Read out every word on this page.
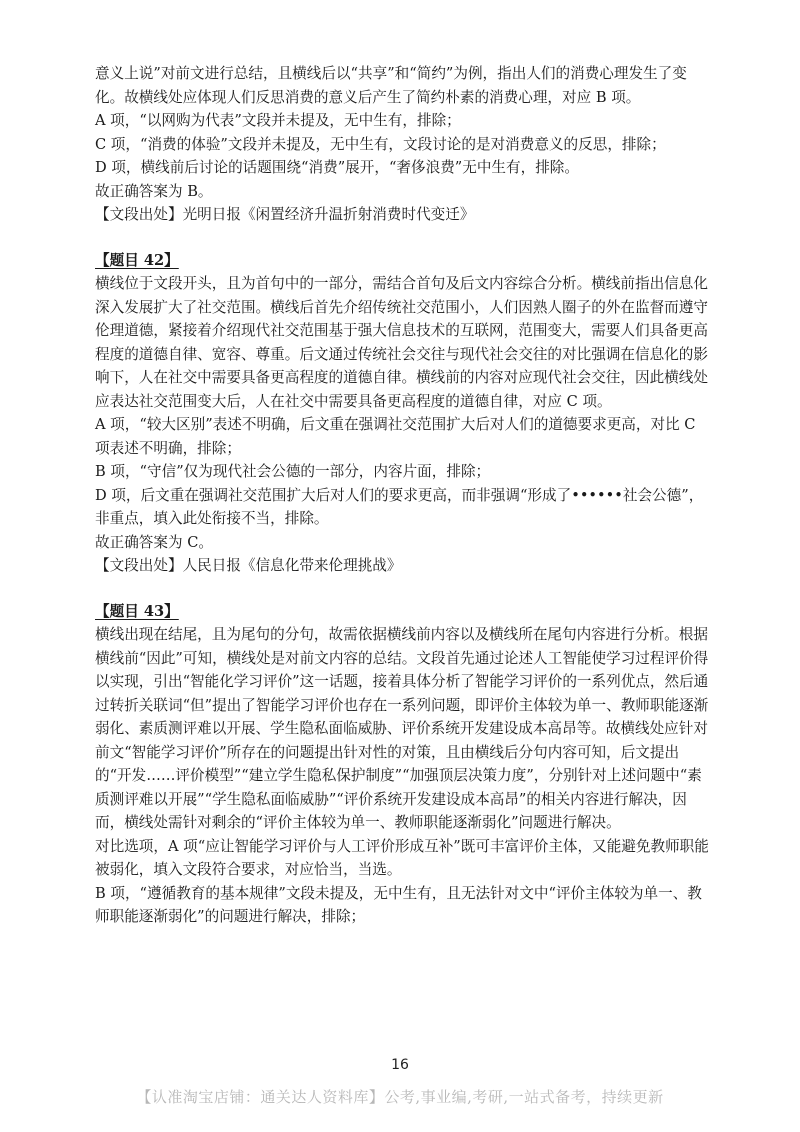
意义上说”对前文进行总结，且横线后以“共享”和“简约”为例，指出人们的消费心理发生了变化。故横线处应体现人们反思消费的意义后产生了简约朴素的消费心理，对应 B 项。

A 项，“以网购为代表”文段并未提及，无中生有，排除；

C 项，“消费的体验”文段并未提及，无中生有，文段讨论的是对消费意义的反思，排除；

D 项，横线前后讨论的话题围绕“消费”展开，“奢侈浪费”无中生有，排除。

故正确答案为 B。

【文段出处】光明日报《闲置经济升温折射消费时代变迁》

【题目 42】

横线位于文段开头，且为首句中的一部分，需结合首句及后文内容综合分析。横线前指出信息化深入发展扩大了社交范围。横线后首先介绍传统社交范围小，人们因熟人圈子的外在监督而遵守伦理道德，紧接着介绍现代社交范围基于强大信息技术的互联网，范围变大，需要人们具备更高程度的道德自律、宽容、尊重。后文通过传统社会交往与现代社会交往的对比强调在信息化的影响下，人在社交中需要具备更高程度的道德自律。横线前的内容对应现代社会交往，因此横线处应表达社交范围变大后，人在社交中需要具备更高程度的道德自律，对应 C 项。

A 项，“较大区别”表述不明确，后文重在强调社交范围扩大后对人们的道德要求更高，对比 C 项表述不明确，排除；

B 项，“守信”仅为现代社会公德的一部分，内容片面，排除；

D 项，后文重在强调社交范围扩大后对人们的要求更高，而非强调“形成了••••••社会公德”，非重点，填入此处衔接不当，排除。

故正确答案为 C。

【文段出处】人民日报《信息化带来伦理挑战》

【题目 43】

横线出现在结尾，且为尾句的分句，故需依据横线前内容以及横线所在尾句内容进行分析。根据横线前“因此”可知，横线处是对前文内容的总结。文段首先通过论述人工智能使学习过程评价得以实现，引出“智能化学习评价”这一话题，接着具体分析了智能学习评价的一系列优点，然后通过转折关联词“但”提出了智能学习评价也存在一系列问题，即评价主体较为单一、教师职能逐渐弱化、素质测评难以开展、学生隐私面临威胁、评价系统开发建设成本高昂等。故横线处应针对前文“智能学习评价”所存在的问题提出针对性的对策，且由横线后分句内容可知，后文提出的“开发……评价模型”“建立学生隐私保护制度”“加强顶层决策力度”，分别针对上述问题中“素质测评难以开展”“学生隐私面临威胁”“评价系统开发建设成本高昂”的相关内容进行解决，因而，横线处需针对剩余的“评价主体较为单一、教师职能逐渐弱化”问题进行解决。

对比选项，A 项“应让智能学习评价与人工评价形成互补”既可丰富评价主体，又能避免教师职能被弱化，填入文段符合要求，对应恰当，当选。

B 项，“遵循教育的基本规律”文段未提及，无中生有，且无法针对文中“评价主体较为单一、教师职能逐渐弱化”的问题进行解决，排除；

16
【认准淘宝店铺：通关达人资料库】公考,事业编,考研,一站式备考，持续更新
